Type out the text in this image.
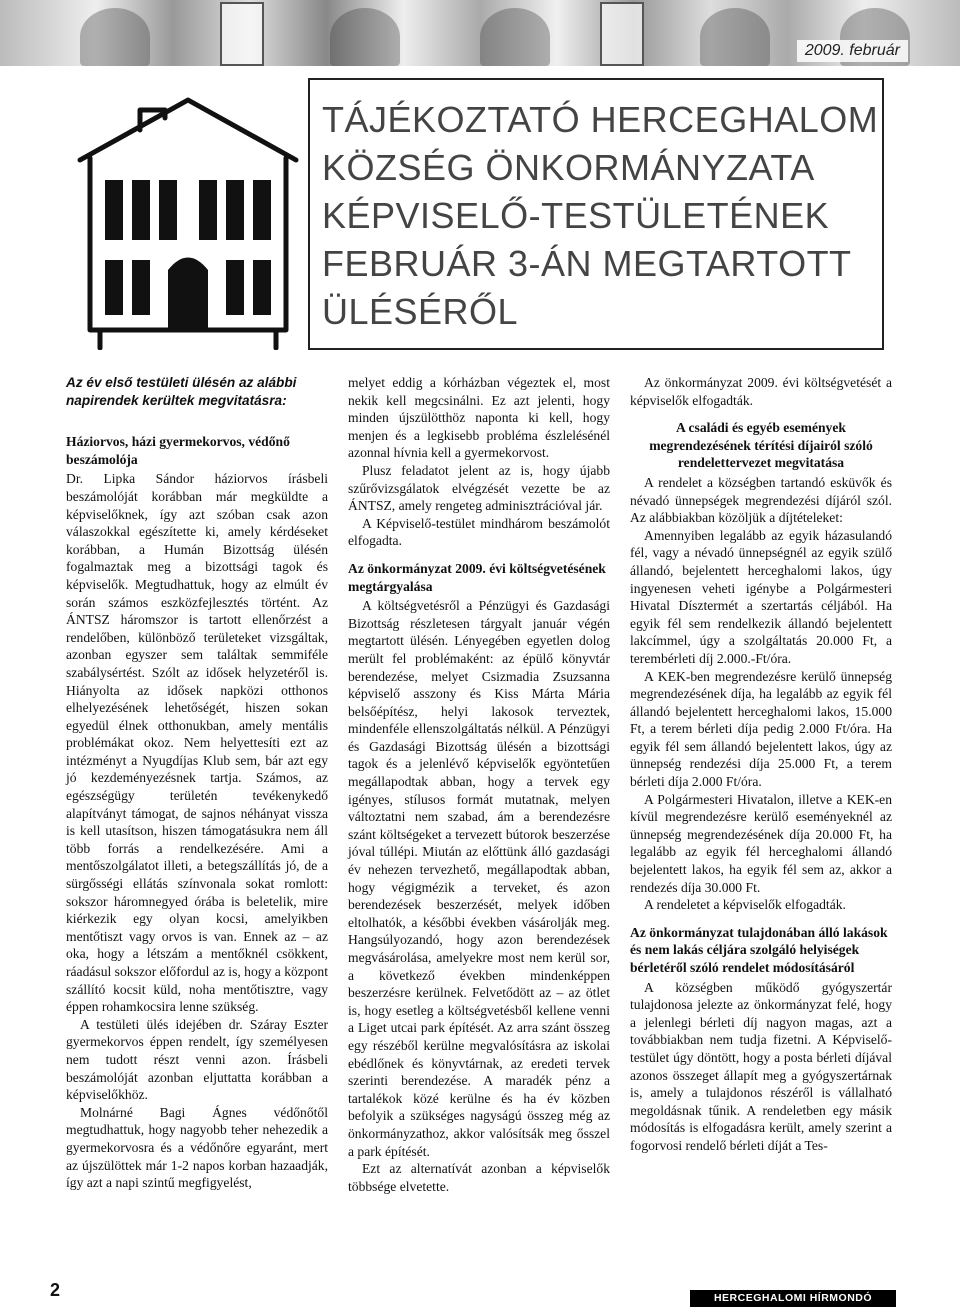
2009. február
TÁJÉKOZTATÓ HERCEGHALOM
KÖZSÉG ÖNKORMÁNYZATA
KÉPVISELŐ-TESTÜLETÉNEK
FEBRUÁR 3-ÁN MEGTARTOTT
ÜLÉSÉRŐL
Az év első testületi ülésén az alábbi napirendek kerültek megvitatásra:
Háziorvos, házi gyermekorvos, védőnő beszámolója

Dr. Lipka Sándor háziorvos írásbeli beszámolóját korábban már megküldte a képviselőknek, így azt szóban csak azon válaszokkal egészítette ki, amely kérdéseket korábban, a Humán Bizottság ülésén fogalmaztak meg a bizottsági tagok és képviselők. Megtudhattuk, hogy az elmúlt év során számos eszközfejlesztés történt. Az ÁNTSZ háromszor is tartott ellenőrzést a rendelőben, különböző területeket vizsgáltak, azonban egyszer sem találtak semmiféle szabálysértést. Szólt az idősek helyzetéről is. Hiányolta az idősek napközi otthonos elhelyezésének lehetőségét, hiszen sokan egyedül élnek otthonukban, amely mentális problémákat okoz. Nem helyettesíti ezt az intézményt a Nyugdíjas Klub sem, bár azt egy jó kezdeményezésnek tartja. Számos, az egészségügy területén tevékenykedő alapítványt támogat, de sajnos néhányat vissza is kell utasítson, hiszen támogatásukra nem áll több forrás a rendelkezésére. Ami a mentőszolgálatot illeti, a betegszállítás jó, de a sürgősségi ellátás színvonala sokat romlott: sokszor háromnegyed órába is beletelik, mire kiérkezik egy olyan kocsi, amelyikben mentőtiszt vagy orvos is van. Ennek az – az oka, hogy a létszám a mentőknél csökkent, ráadásul sokszor előfordul az is, hogy a központ szállító kocsit küld, noha mentőtisztre, vagy éppen rohamkocsira lenne szükség.

A testületi ülés idejében dr. Száray Eszter gyermekorvos éppen rendelt, így személyesen nem tudott részt venni azon. Írásbeli beszámolóját azonban eljuttatta korábban a képviselőkhöz.

Molnárné Bagi Ágnes védőnőtől megtudhattuk, hogy nagyobb teher nehezedik a gyermekorvosra és a védőnőre egyaránt, mert az újszülöttek már 1-2 napos korban hazaadják, így azt a napi szintű megfigyelést,

melyet eddig a kórházban végeztek el, most nekik kell megcsinálni. Ez azt jelenti, hogy minden újszülötthöz naponta ki kell, hogy menjen és a legkisebb probléma észlelésénél azonnal hívnia kell a gyermekorvost.

Plusz feladatot jelent az is, hogy újabb szűrővizsgálatok elvégzését vezette be az ÁNTSZ, amely rengeteg adminisztrációval jár.

A Képviselő-testület mindhárom beszámolót elfogadta.

Az önkormányzat 2009. évi költségvetésének megtárgyalása

A költségvetésről a Pénzügyi és Gazdasági Bizottság részletesen tárgyalt január végén megtartott ülésén. Lényegében egyetlen dolog merült fel problémaként: az épülő könyvtár berendezése, melyet Csizmadia Zsuzsanna képviselő asszony és Kiss Márta Mária belsőépítész, helyi lakosok terveztek, mindenféle ellenszolgáltatás nélkül. A Pénzügyi és Gazdasági Bizottság ülésén a bizottsági tagok és a jelenlévő képviselők egyöntetűen megállapodtak abban, hogy a tervek egy igényes, stílusos formát mutatnak, melyen változtatni nem szabad, ám a berendezésre szánt költségeket a tervezett bútorok beszerzése jóval túllépi. Miután az előttünk álló gazdasági év nehezen tervezhető, megállapodtak abban, hogy végigmézik a terveket, és azon berendezések beszerzését, melyek időben eltolhatók, a későbbi években vásárolják meg. Hangsúlyozandó, hogy azon berendezések megvásárolása, amelyekre most nem kerül sor, a következő években mindenképpen beszerzésre kerülnek. Felvetődött az – az ötlet is, hogy esetleg a költségvetésből kellene venni a Liget utcai park építését. Az arra szánt összeg egy részéből kerülne megvalósításra az iskolai ebédlőnek és könyvtárnak, az eredeti tervek szerinti berendezése. A maradék pénz a tartalékok közé kerülne és ha év közben befolyik a szükséges nagyságú összeg még az önkormányzathoz, akkor valósítsák meg ősszel a park építését.

Ezt az alternatívát azonban a képviselők többsége elvetette.

Az önkormányzat 2009. évi költségvetését a képviselők elfogadták.

A családi és egyéb események megrendezésének térítési díjairól szóló rendelettervezet megvitatása

A rendelet a községben tartandó esküvők és névadó ünnepségek megrendezési díjáról szól. Az alábbiakban közöljük a díjtételeket:

Amennyiben legalább az egyik házasulandó fél, vagy a névadó ünnepségnél az egyik szülő állandó, bejelentett herceghalomi lakos, úgy ingyenesen veheti igénybe a Polgármesteri Hivatal Dísztermét a szertartás céljából. Ha egyik fél sem rendelkezik állandó bejelentett lakcímmel, úgy a szolgáltatás 20.000 Ft, a terembérleti díj 2.000.-Ft/óra.

A KEK-ben megrendezésre kerülő ünnepség megrendezésének díja, ha legalább az egyik fél állandó bejelentett herceghalomi lakos, 15.000 Ft, a terem bérleti díja pedig 2.000 Ft/óra. Ha egyik fél sem állandó bejelentett lakos, úgy az ünnepség rendezési díja 25.000 Ft, a terem bérleti díja 2.000 Ft/óra.

A Polgármesteri Hivatalon, illetve a KEK-en kívül megrendezésre kerülő eseményeknél az ünnepség megrendezésének díja 20.000 Ft, ha legalább az egyik fél herceghalomi állandó bejelentett lakos, ha egyik fél sem az, akkor a rendezés díja 30.000 Ft.

A rendeletet a képviselők elfogadták.

Az önkormányzat tulajdonában álló lakások és nem lakás céljára szolgáló helyiségek bérletéről szóló rendelet módosításáról

A községben működő gyógyszertár tulajdonosa jelezte az önkormányzat felé, hogy a jelenlegi bérleti díj nagyon magas, azt a továbbiakban nem tudja fizetni. A Képviselő-testület úgy döntött, hogy a posta bérleti díjával azonos összeget állapít meg a gyógyszertárnak is, amely a tulajdonos részéről is vállalható megoldásnak tűnik. A rendeletben egy másik módosítás is elfogadásra került, amely szerint a fogorvosi rendelő bérleti díját a Tes-

2	HERCEGHALOMI HÍRMONDÓ
